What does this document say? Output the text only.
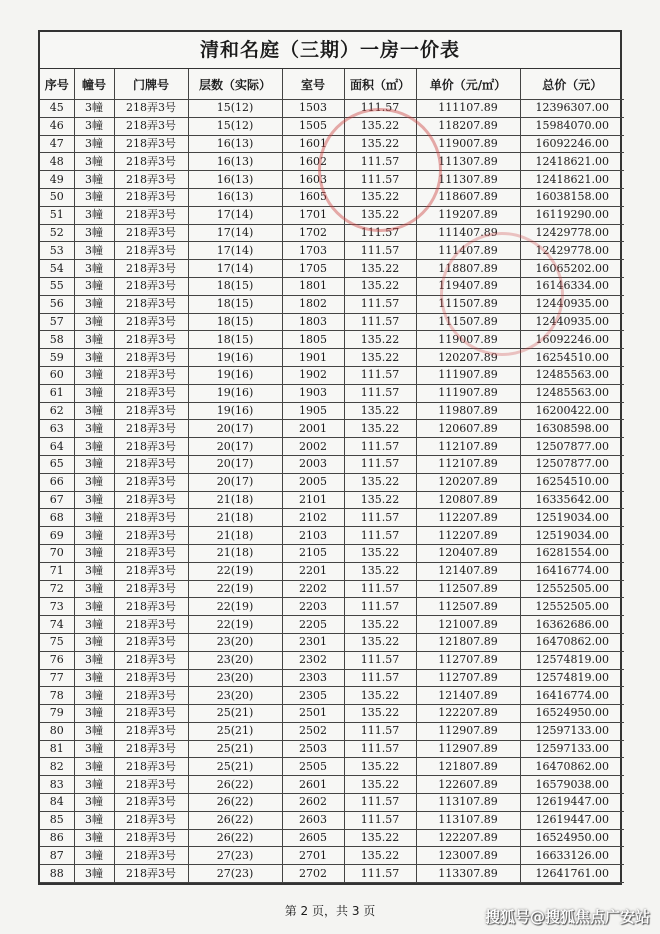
清和名庭（三期）一房一价表
序号	幢号	门牌号	层数（实际）	室号	面积（㎡）	单价（元/㎡）	总价（元）
45	3幢	218弄3号	15(12)	1503	111.57	111107.89	12396307.00
46	3幢	218弄3号	15(12)	1505	135.22	118207.89	15984070.00
47	3幢	218弄3号	16(13)	1601	135.22	119007.89	16092246.00
48	3幢	218弄3号	16(13)	1602	111.57	111307.89	12418621.00
49	3幢	218弄3号	16(13)	1603	111.57	111307.89	12418621.00
50	3幢	218弄3号	16(13)	1605	135.22	118607.89	16038158.00
51	3幢	218弄3号	17(14)	1701	135.22	119207.89	16119290.00
52	3幢	218弄3号	17(14)	1702	111.57	111407.89	12429778.00
53	3幢	218弄3号	17(14)	1703	111.57	111407.89	12429778.00
54	3幢	218弄3号	17(14)	1705	135.22	118807.89	16065202.00
55	3幢	218弄3号	18(15)	1801	135.22	119407.89	16146334.00
56	3幢	218弄3号	18(15)	1802	111.57	111507.89	12440935.00
57	3幢	218弄3号	18(15)	1803	111.57	111507.89	12440935.00
58	3幢	218弄3号	18(15)	1805	135.22	119007.89	16092246.00
59	3幢	218弄3号	19(16)	1901	135.22	120207.89	16254510.00
60	3幢	218弄3号	19(16)	1902	111.57	111907.89	12485563.00
61	3幢	218弄3号	19(16)	1903	111.57	111907.89	12485563.00
62	3幢	218弄3号	19(16)	1905	135.22	119807.89	16200422.00
63	3幢	218弄3号	20(17)	2001	135.22	120607.89	16308598.00
64	3幢	218弄3号	20(17)	2002	111.57	112107.89	12507877.00
65	3幢	218弄3号	20(17)	2003	111.57	112107.89	12507877.00
66	3幢	218弄3号	20(17)	2005	135.22	120207.89	16254510.00
67	3幢	218弄3号	21(18)	2101	135.22	120807.89	16335642.00
68	3幢	218弄3号	21(18)	2102	111.57	112207.89	12519034.00
69	3幢	218弄3号	21(18)	2103	111.57	112207.89	12519034.00
70	3幢	218弄3号	21(18)	2105	135.22	120407.89	16281554.00
71	3幢	218弄3号	22(19)	2201	135.22	121407.89	16416774.00
72	3幢	218弄3号	22(19)	2202	111.57	112507.89	12552505.00
73	3幢	218弄3号	22(19)	2203	111.57	112507.89	12552505.00
74	3幢	218弄3号	22(19)	2205	135.22	121007.89	16362686.00
75	3幢	218弄3号	23(20)	2301	135.22	121807.89	16470862.00
76	3幢	218弄3号	23(20)	2302	111.57	112707.89	12574819.00
77	3幢	218弄3号	23(20)	2303	111.57	112707.89	12574819.00
78	3幢	218弄3号	23(20)	2305	135.22	121407.89	16416774.00
79	3幢	218弄3号	25(21)	2501	135.22	122207.89	16524950.00
80	3幢	218弄3号	25(21)	2502	111.57	112907.89	12597133.00
81	3幢	218弄3号	25(21)	2503	111.57	112907.89	12597133.00
82	3幢	218弄3号	25(21)	2505	135.22	121807.89	16470862.00
83	3幢	218弄3号	26(22)	2601	135.22	122607.89	16579038.00
84	3幢	218弄3号	26(22)	2602	111.57	113107.89	12619447.00
85	3幢	218弄3号	26(22)	2603	111.57	113107.89	12619447.00
86	3幢	218弄3号	26(22)	2605	135.22	122207.89	16524950.00
87	3幢	218弄3号	27(23)	2701	135.22	123007.89	16633126.00
88	3幢	218弄3号	27(23)	2702	111.57	113307.89	12641761.00
第 2 页，共 3 页	搜狐号@搜狐焦点广安站
